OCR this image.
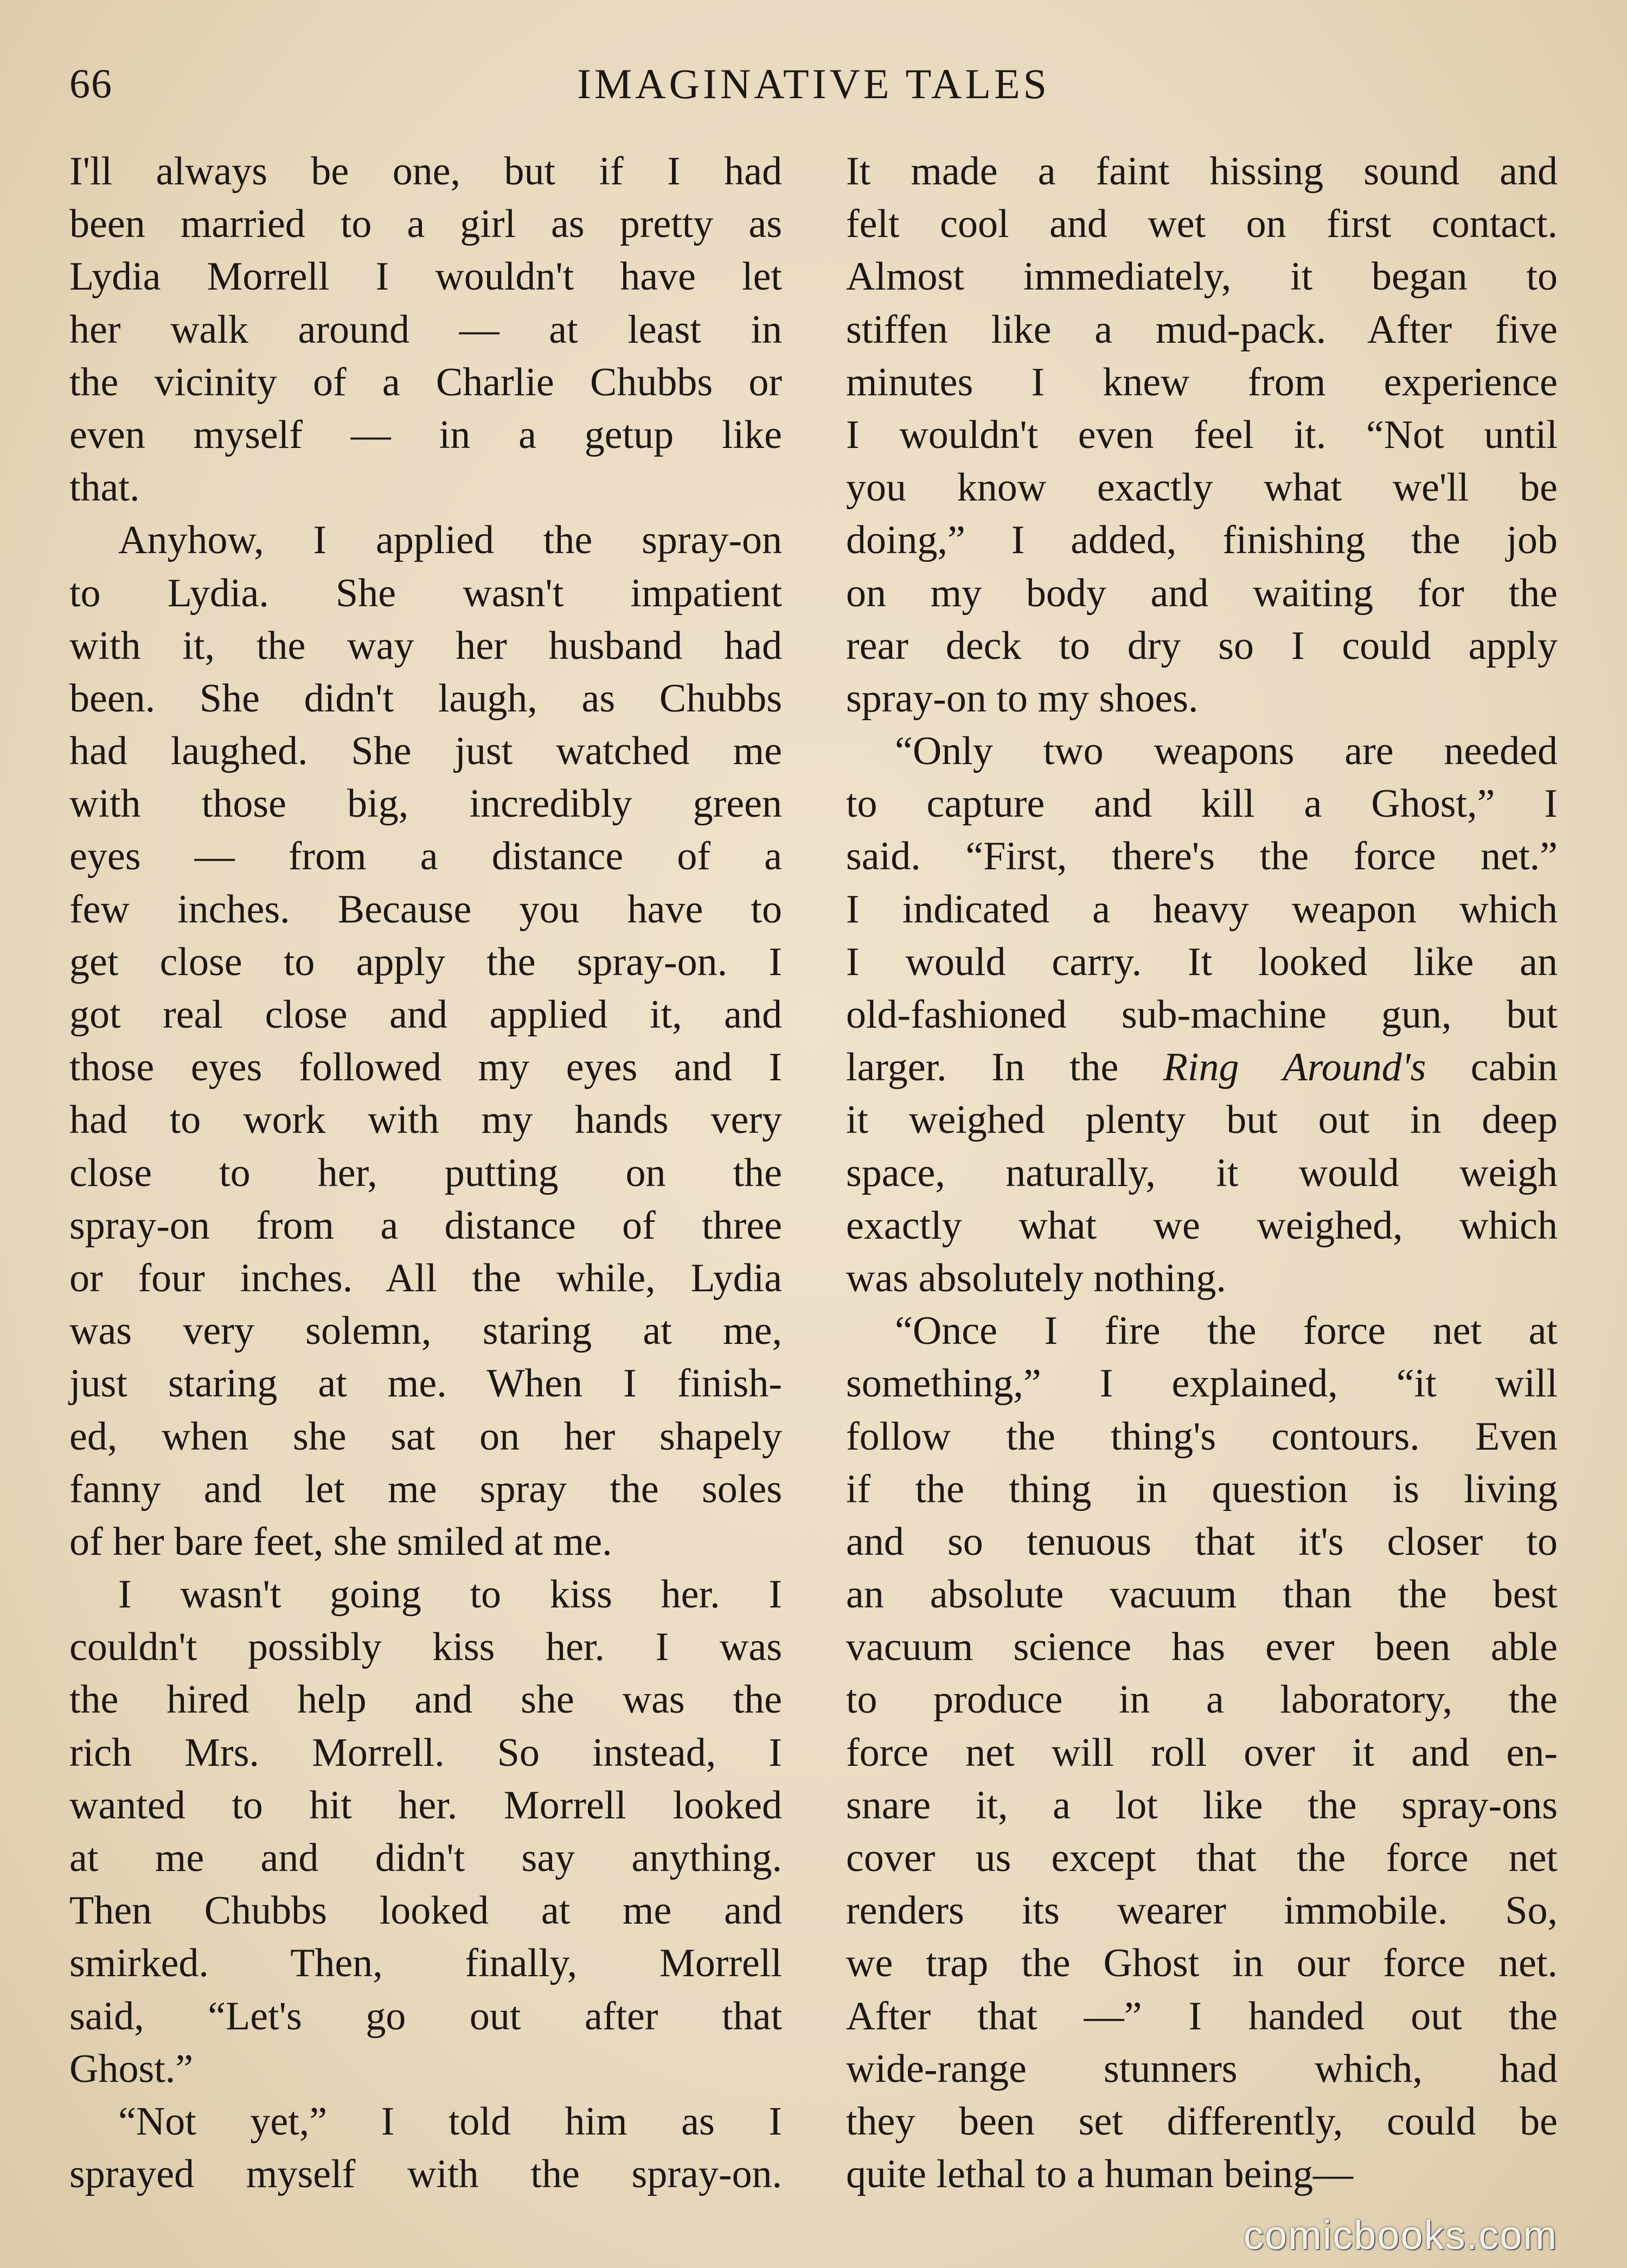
66	IMAGINATIVE TALES
I'll always be one, but if I had
been married to a girl as pretty as
Lydia Morrell I wouldn't have let
her walk around — at least in
the vicinity of a Charlie Chubbs or
even myself — in a getup like
that.
Anyhow, I applied the spray-on
to Lydia. She wasn't impatient
with it, the way her husband had
been. She didn't laugh, as Chubbs
had laughed. She just watched me
with those big, incredibly green
eyes — from a distance of a
few inches. Because you have to
get close to apply the spray-on. I
got real close and applied it, and
those eyes followed my eyes and I
had to work with my hands very
close to her, putting on the
spray-on from a distance of three
or four inches. All the while, Lydia
was very solemn, staring at me,
just staring at me. When I finish-
ed, when she sat on her shapely
fanny and let me spray the soles
of her bare feet, she smiled at me.
I wasn't going to kiss her. I
couldn't possibly kiss her. I was
the hired help and she was the
rich Mrs. Morrell. So instead, I
wanted to hit her. Morrell looked
at me and didn't say anything.
Then Chubbs looked at me and
smirked. Then, finally, Morrell
said, “Let's go out after that
Ghost.”
“Not yet,” I told him as I
sprayed myself with the spray-on.
It made a faint hissing sound and
felt cool and wet on first contact.
Almost immediately, it began to
stiffen like a mud-pack. After five
minutes I knew from experience
I wouldn't even feel it. “Not until
you know exactly what we'll be
doing,” I added, finishing the job
on my body and waiting for the
rear deck to dry so I could apply
spray-on to my shoes.
“Only two weapons are needed
to capture and kill a Ghost,” I
said. “First, there's the force net.”
I indicated a heavy weapon which
I would carry. It looked like an
old-fashioned sub-machine gun, but
larger. In the Ring Around's cabin
it weighed plenty but out in deep
space, naturally, it would weigh
exactly what we weighed, which
was absolutely nothing.
“Once I fire the force net at
something,” I explained, “it will
follow the thing's contours. Even
if the thing in question is living
and so tenuous that it's closer to
an absolute vacuum than the best
vacuum science has ever been able
to produce in a laboratory, the
force net will roll over it and en-
snare it, a lot like the spray-ons
cover us except that the force net
renders its wearer immobile. So,
we trap the Ghost in our force net.
After that —” I handed out the
wide-range stunners which, had
they been set differently, could be
quite lethal to a human being—
comicbooks.com
